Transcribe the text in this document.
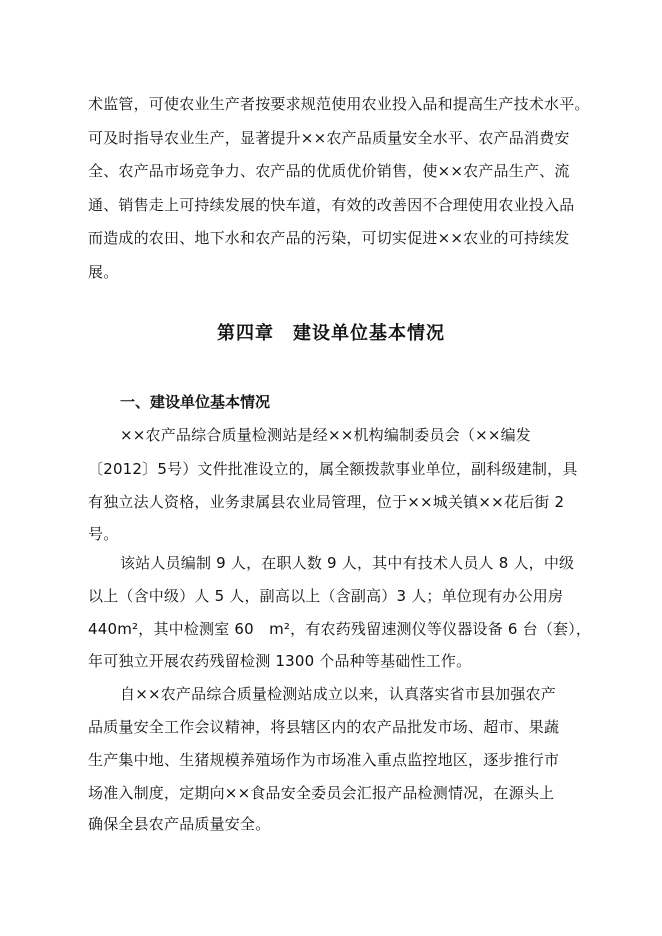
术监管，可使农业生产者按要求规范使用农业投入品和提高生产技术水平。
可及时指导农业生产，显著提升××农产品质量安全水平、农产品消费安
全、农产品市场竞争力、农产品的优质优价销售，使××农产品生产、流
通、销售走上可持续发展的快车道，有效的改善因不合理使用农业投入品
而造成的农田、地下水和农产品的污染，可切实促进××农业的可持续发
展。
第四章　建设单位基本情况
一、建设单位基本情况
××农产品综合质量检测站是经××机构编制委员会（××编发
〔2012〕5号）文件批准设立的，属全额拨款事业单位，副科级建制，具
有独立法人资格，业务隶属县农业局管理，位于××城关镇××花后街 2
号。
该站人员编制 9 人，在职人数 9 人，其中有技术人员人 8 人，中级
以上（含中级）人 5 人，副高以上（含副高）3 人；单位现有办公用房
440m²，其中检测室 60　m²，有农药残留速测仪等仪器设备 6 台（套），
年可独立开展农药残留检测 1300 个品种等基础性工作。
自××农产品综合质量检测站成立以来，认真落实省市县加强农产
品质量安全工作会议精神，将县辖区内的农产品批发市场、超市、果蔬
生产集中地、生猪规模养殖场作为市场准入重点监控地区，逐步推行市
场准入制度，定期向××食品安全委员会汇报产品检测情况，在源头上
确保全县农产品质量安全。
